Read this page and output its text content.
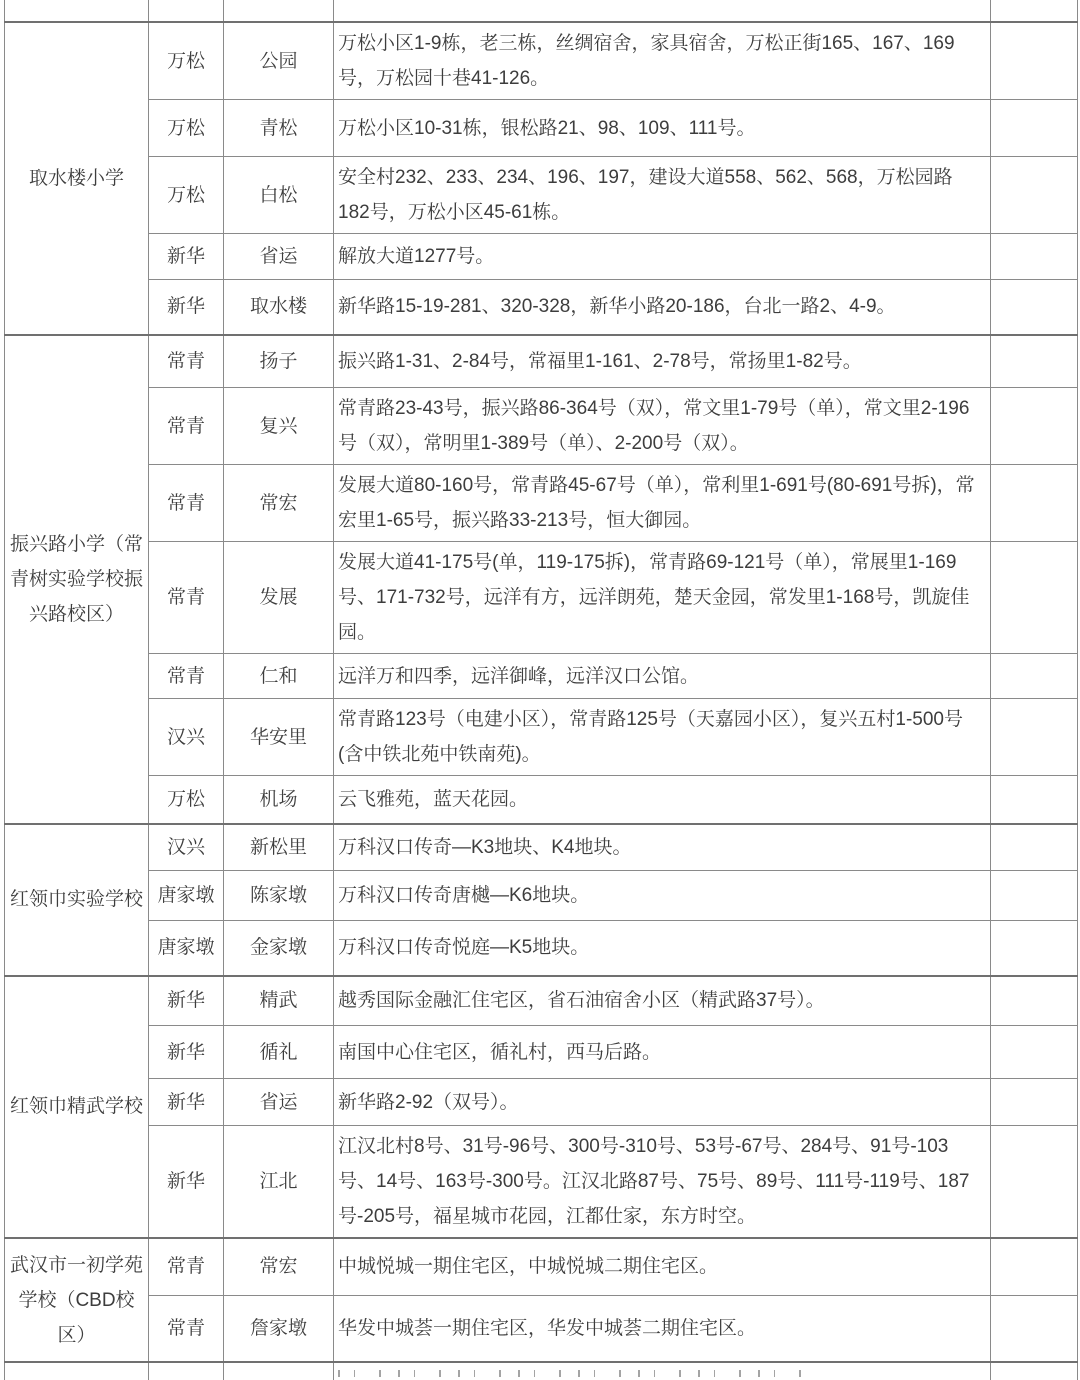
取水楼小学	万松	公园	万松小区1-9栋，老三栋，丝绸宿舍，家具宿舍，万松正街165、167、169号，万松园十巷41-126。	
	万松	青松	万松小区10-31栋，银松路21、98、109、111号。	
	万松	白松	安全村232、233、234、196、197，建设大道558、562、568，万松园路182号，万松小区45-61栋。	
	新华	省运	解放大道1277号。	
	新华	取水楼	新华路15-19-281、320-328，新华小路20-186，台北一路2、4-9。	
振兴路小学（常青树实验学校振兴路校区）	常青	扬子	振兴路1-31、2-84号，常福里1-161、2-78号，常扬里1-82号。	
	常青	复兴	常青路23-43号，振兴路86-364号（双），常文里1-79号（单），常文里2-196号（双），常明里1-389号（单）、2-200号（双）。	
	常青	常宏	发展大道80-160号，常青路45-67号（单），常利里1-691号(80-691号拆)，常宏里1-65号，振兴路33-213号，恒大御园。	
	常青	发展	发展大道41-175号(单，119-175拆)，常青路69-121号（单），常展里1-169号、171-732号，远洋有方，远洋朗苑，楚天金园，常发里1-168号，凯旋佳园。	
	常青	仁和	远洋万和四季，远洋御峰，远洋汉口公馆。	
	汉兴	华安里	常青路123号（电建小区），常青路125号（天嘉园小区），复兴五村1-500号(含中铁北苑中铁南苑)。	
	万松	机场	云飞雅苑，蓝天花园。	
红领巾实验学校	汉兴	新松里	万科汉口传奇—K3地块、K4地块。	
	唐家墩	陈家墩	万科汉口传奇唐樾—K6地块。	
	唐家墩	金家墩	万科汉口传奇悦庭—K5地块。	
红领巾精武学校	新华	精武	越秀国际金融汇住宅区，省石油宿舍小区（精武路37号）。	
	新华	循礼	南国中心住宅区，循礼村，西马后路。	
	新华	省运	新华路2-92（双号）。	
	新华	江北	江汉北村8号、31号-96号、300号-310号、53号-67号、284号、91号-103号、14号、163号-300号。江汉北路87号、75号、89号、111号-119号、187号-205号，福星城市花园，江都仕家，东方时空。	
武汉市一初学苑学校（CBD校区）	常青	常宏	中城悦城一期住宅区，中城悦城二期住宅区。	
	常青	詹家墩	华发中城荟一期住宅区，华发中城荟二期住宅区。	
